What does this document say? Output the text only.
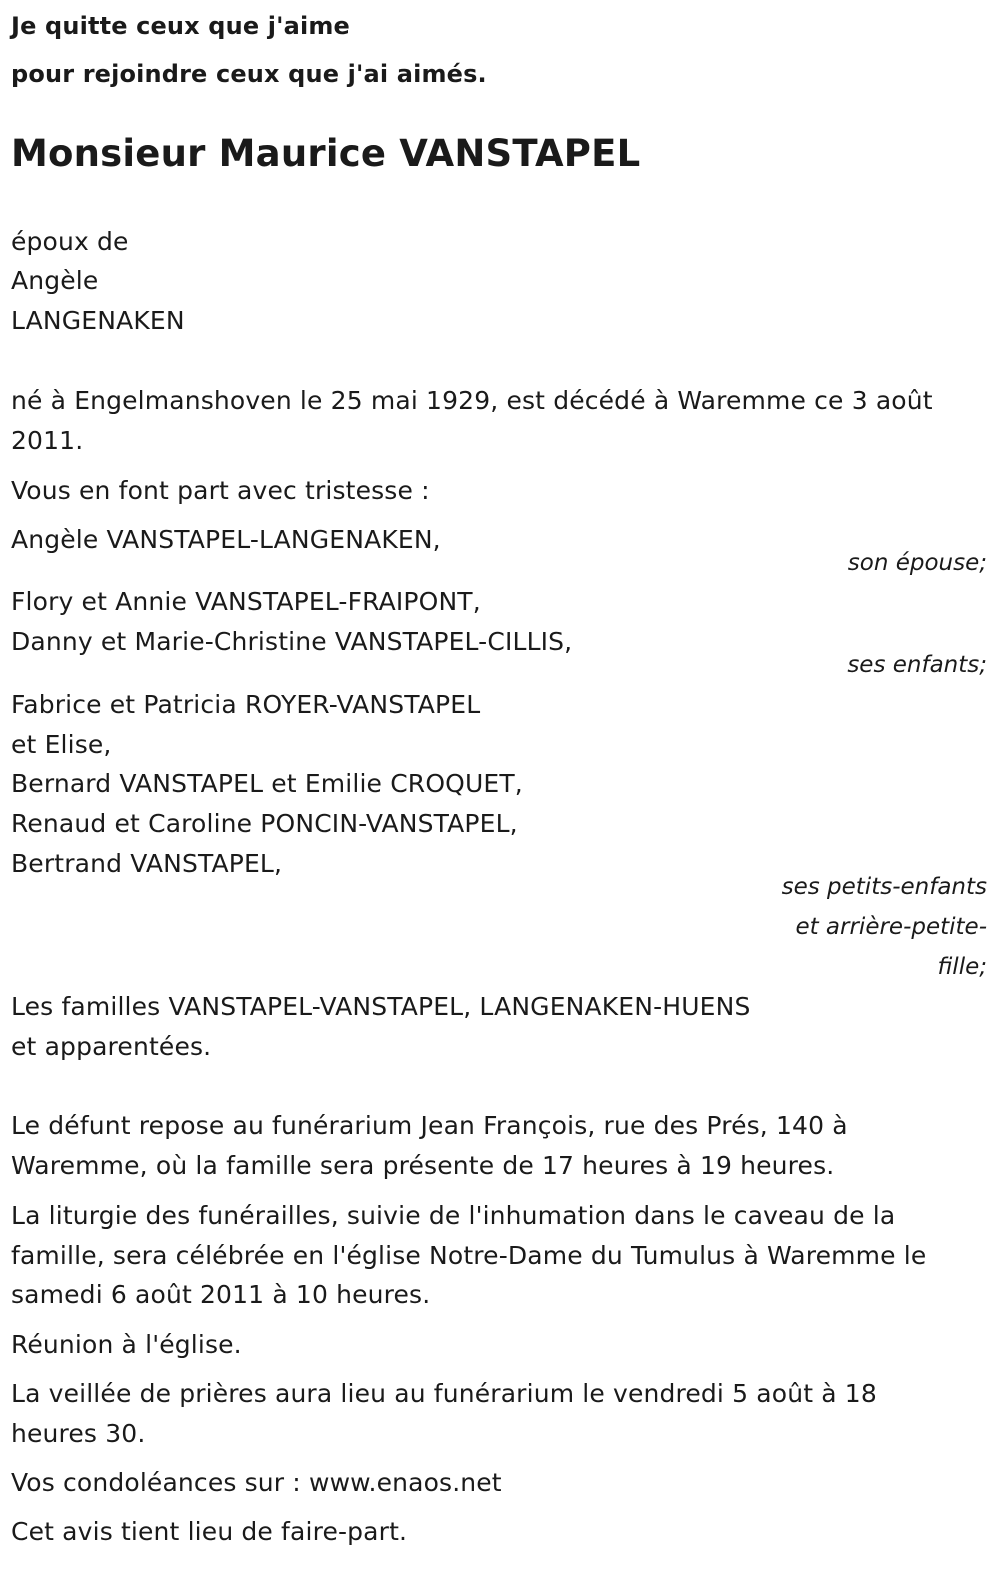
Je quitte ceux que j'aime

pour rejoindre ceux que j'ai aimés.

Monsieur Maurice VANSTAPEL

époux de

Angèle

LANGENAKEN

né à Engelmanshoven le 25 mai 1929, est décédé à Waremme ce 3 août

2011.

Vous en font part avec tristesse :

Angèle VANSTAPEL-LANGENAKEN,

son épouse;

Flory et Annie VANSTAPEL-FRAIPONT,

Danny et Marie-Christine VANSTAPEL-CILLIS,

ses enfants;

Fabrice et Patricia ROYER-VANSTAPEL

et Elise,

Bernard VANSTAPEL et Emilie CROQUET,

Renaud et Caroline PONCIN-VANSTAPEL,

Bertrand VANSTAPEL,

ses petits-enfants

et arrière-petite-

fille;

Les familles VANSTAPEL-VANSTAPEL, LANGENAKEN-HUENS

et apparentées.

Le défunt repose au funérarium Jean François, rue des Prés, 140 à

Waremme, où la famille sera présente de 17 heures à 19 heures.

La liturgie des funérailles, suivie de l'inhumation dans le caveau de la

famille, sera célébrée en l'église Notre-Dame du Tumulus à Waremme le

samedi 6 août 2011 à 10 heures.

Réunion à l'église.

La veillée de prières aura lieu au funérarium le vendredi 5 août à 18

heures 30.

Vos condoléances sur : www.enaos.net

Cet avis tient lieu de faire-part.
